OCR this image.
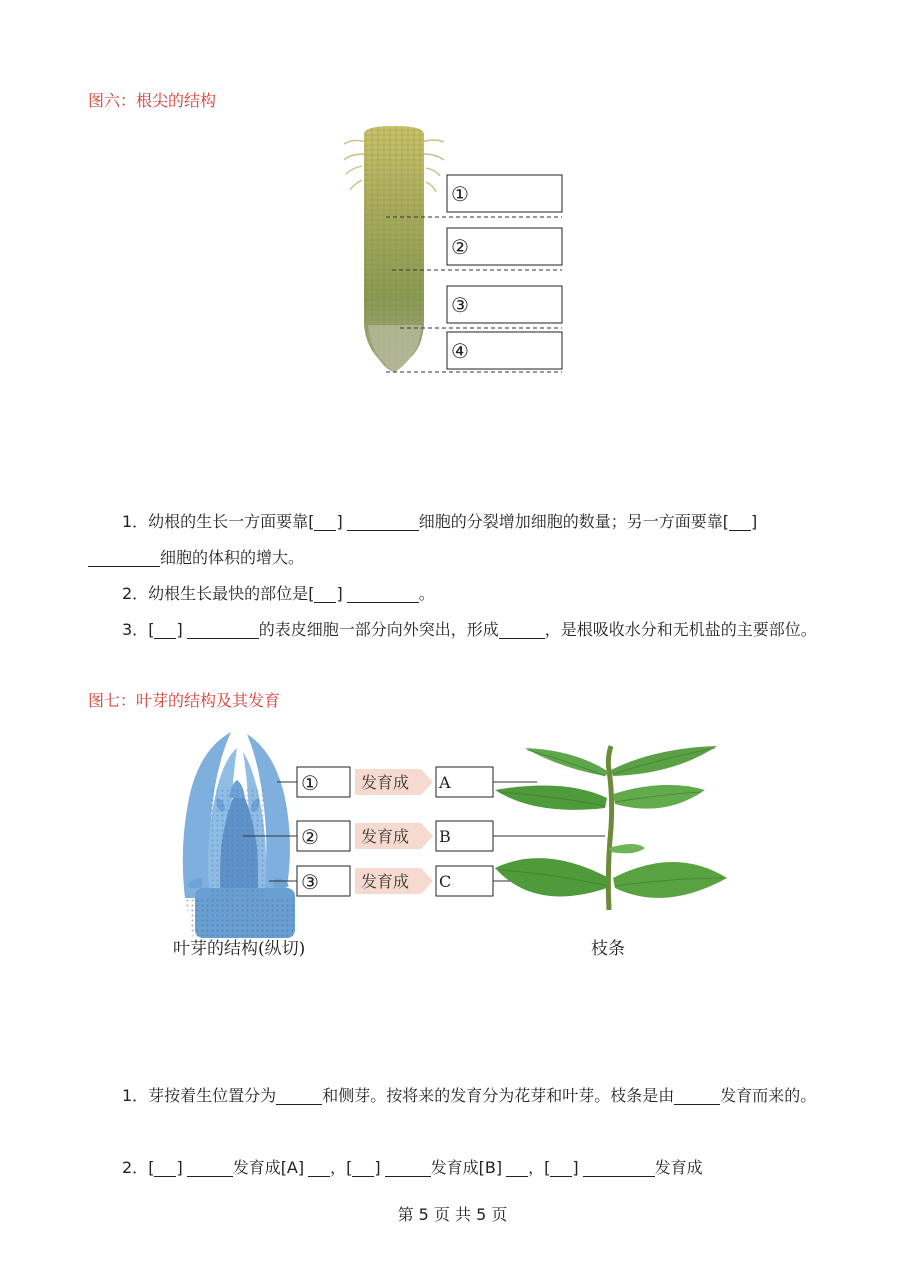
图六：根尖的结构
①
②
③
④
1．幼根的生长一方面要靠[ ]	细胞的分裂增加细胞的数量；另一方面要靠[ ]细胞的体积的增大。
2．幼根生长最快的部位是[ ]	。
3．[ ]	的表皮细胞一部分向外突出，形成	，是根吸收水分和无机盐的主要部位。
图七：叶芽的结构及其发育
①
②
③
发育成
发育成
发育成
A
B
C
叶芽的结构(纵切)	枝条
1．芽按着生位置分为	和侧芽。按将来的发育分为花芽和叶芽。枝条是由	发育而来的。
2．[ ]	发育成[A] ，[ ]	发育成[B] ，[ ]	发育成
第 5 页 共 5 页
